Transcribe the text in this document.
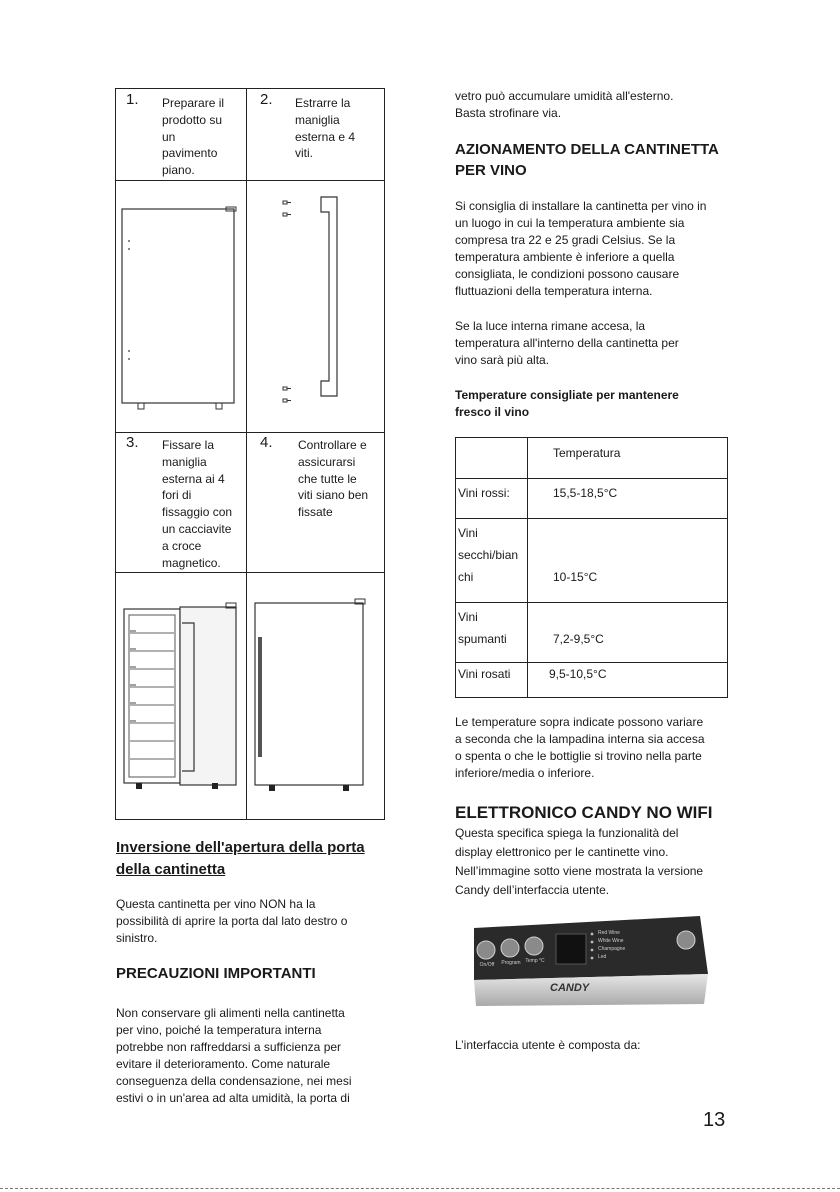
1. Preparare il
prodotto su
un
pavimento
piano.
2. Estrarre la
maniglia
esterna e 4
viti.
3. Fissare la
maniglia
esterna ai 4
fori di
fissaggio con
un cacciavite
a croce
magnetico.
4. Controllare e
assicurarsi
che tutte le
viti siano ben
fissate
Inversione dell'apertura della porta
della cantinetta
Questa cantinetta per vino NON ha la
possibilità di aprire la porta dal lato destro o
sinistro.
PRECAUZIONI IMPORTANTI
Non conservare gli alimenti nella cantinetta
per vino, poiché la temperatura interna
potrebbe non raffreddarsi a sufficienza per
evitare il deterioramento. Come naturale
conseguenza della condensazione, nei mesi
estivi o in un'area ad alta umidità, la porta di
vetro può accumulare umidità all'esterno.
Basta strofinare via.
AZIONAMENTO DELLA CANTINETTA
PER VINO
Si consiglia di installare la cantinetta per vino in
un luogo in cui la temperatura ambiente sia
compresa tra 22 e 25 gradi Celsius. Se la
temperatura ambiente è inferiore a quella
consigliata, le condizioni possono causare
fluttuazioni della temperatura interna.
Se la luce interna rimane accesa, la
temperatura all'interno della cantinetta per
vino sarà più alta.
Temperature consigliate per mantenere
fresco il vino
Temperatura
Vini rossi:	15,5-18,5°C
Vini
secchi/bian
chi	10-15°C
Vini
spumanti	7,2-9,5°C
Vini rosati	9,5-10,5°C
Le temperature sopra indicate possono variare
a seconda che la lampadina interna sia accesa
o spenta o che le bottiglie si trovino nella parte
inferiore/media o inferiore.
ELETTRONICO CANDY NO WIFI
Questa specifica spiega la funzionalità del
display elettronico per le cantinette vino.
Nell’immagine sotto viene mostrata la versione
Candy dell’interfaccia utente.
On/Off	Program Temp °C
Red Wine
White Wine
Champagne
Led
CANDY
L’interfaccia utente è composta da:
13
